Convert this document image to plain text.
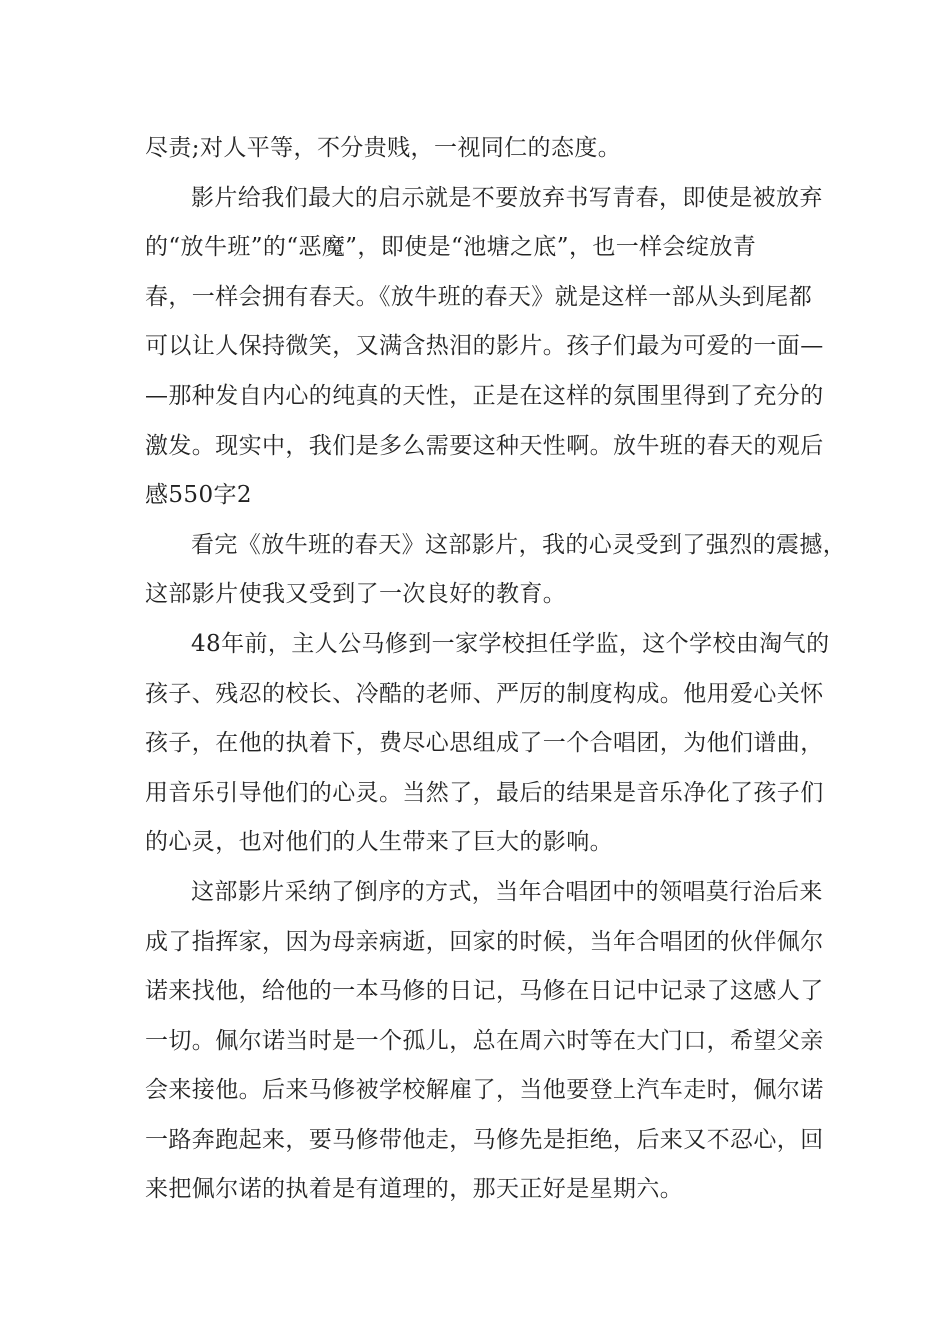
尽责;对人平等，不分贵贱，一视同仁的态度。
影片给我们最大的启示就是不要放弃书写青春，即使是被放弃
的“放牛班”的“恶魔”，即使是“池塘之底”，也一样会绽放青
春，一样会拥有春天。《放牛班的春天》就是这样一部从头到尾都
可以让人保持微笑，又满含热泪的影片。孩子们最为可爱的一面—
—那种发自内心的纯真的天性，正是在这样的氛围里得到了充分的
激发。现实中，我们是多么需要这种天性啊。放牛班的春天的观后
感550字2
看完《放牛班的春天》这部影片，我的心灵受到了强烈的震撼，
这部影片使我又受到了一次良好的教育。
48年前，主人公马修到一家学校担任学监，这个学校由淘气的
孩子、残忍的校长、冷酷的老师、严厉的制度构成。他用爱心关怀
孩子，在他的执着下，费尽心思组成了一个合唱团，为他们谱曲，
用音乐引导他们的心灵。当然了，最后的结果是音乐净化了孩子们
的心灵，也对他们的人生带来了巨大的影响。
这部影片采纳了倒序的方式，当年合唱团中的领唱莫行治后来
成了指挥家，因为母亲病逝，回家的时候，当年合唱团的伙伴佩尔
诺来找他，给他的一本马修的日记，马修在日记中记录了这感人了
一切。佩尔诺当时是一个孤儿，总在周六时等在大门口，希望父亲
会来接他。后来马修被学校解雇了，当他要登上汽车走时，佩尔诺
一路奔跑起来，要马修带他走，马修先是拒绝，后来又不忍心，回
来把佩尔诺的执着是有道理的，那天正好是星期六。
